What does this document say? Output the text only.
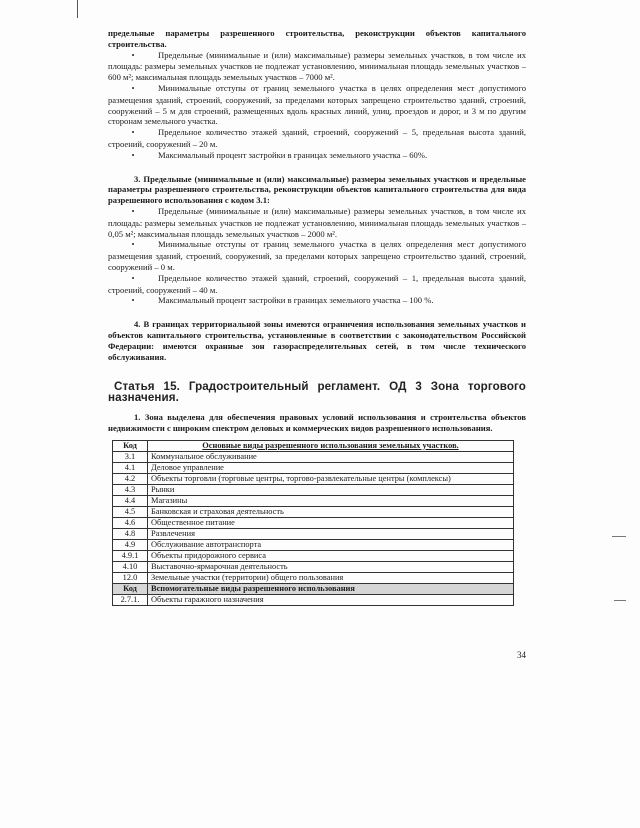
предельные параметры разрешенного строительства, реконструкции объектов капитального строительства.

•	Предельные (минимальные и (или) максимальные) размеры земельных участков, в том числе их площадь: размеры земельных участков не подлежат установлению, минимальная площадь земельных участков – 600 м²; максимальная площадь земельных участков – 7000 м².

•	Минимальные отступы от границ земельного участка в целях определения мест допустимого размещения зданий, строений, сооружений, за пределами которых запрещено строительство зданий, строений, сооружений – 5 м для строений, размещенных вдоль красных линий, улиц, проездов и дорог, и 3 м по другим сторонам земельного участка.

•	Предельное количество этажей зданий, строений, сооружений – 5, предельная высота зданий, строений, сооружений – 20 м.

•	Максимальный процент застройки в границах земельного участка – 60%.

3. Предельные (минимальные и (или) максимальные) размеры земельных участков и предельные параметры разрешенного строительства, реконструкции объектов капитального строительства для вида разрешенного использования с кодом 3.1:

•	Предельные (минимальные и (или) максимальные) размеры земельных участков, в том числе их площадь: размеры земельных участков не подлежат установлению, минимальная площадь земельных участков – 0,05 м²; максимальная площадь земельных участков – 2000 м².

•	Минимальные отступы от границ земельного участка в целях определения мест допустимого размещения зданий, строений, сооружений, за пределами которых запрещено строительство зданий, строений, сооружений – 0 м.

•	Предельное количество этажей зданий, строений, сооружений – 1, предельная высота зданий, строений, сооружений – 40 м.

•	Максимальный процент застройки в границах земельного участка – 100 %.

4. В границах территориальной зоны имеются ограничения использования земельных участков и объектов капитального строительства, установленные в соответствии с законодательством Российской Федерации: имеются охранные зон газораспределительных сетей, в том числе технического обслуживания.

Статья 15. Градостроительный регламент. ОД 3 Зона торгового назначения.

1. Зона выделена для обеспечения правовых условий использования и строительства объектов недвижимости с широким спектром деловых и коммерческих видов разрешенного использования.

Код	Основные виды разрешенного использования земельных участков.
3.1	Коммунальное обслуживание
4.1	Деловое управление
4.2	Объекты торговли (торговые центры, торгово-развлекательные центры (комплексы)
4.3	Рынки
4.4	Магазины
4.5	Банковская и страховая деятельность
4.6	Общественное питание
4.8	Развлечения
4.9	Обслуживание автотранспорта
4.9.1	Объекты придорожного сервиса
4.10	Выставочно-ярмарочная деятельность
12.0	Земельные участки (территории) общего пользования
Код	Вспомогательные виды разрешенного использования
2.7.1.	Объекты гаражного назначения
34
